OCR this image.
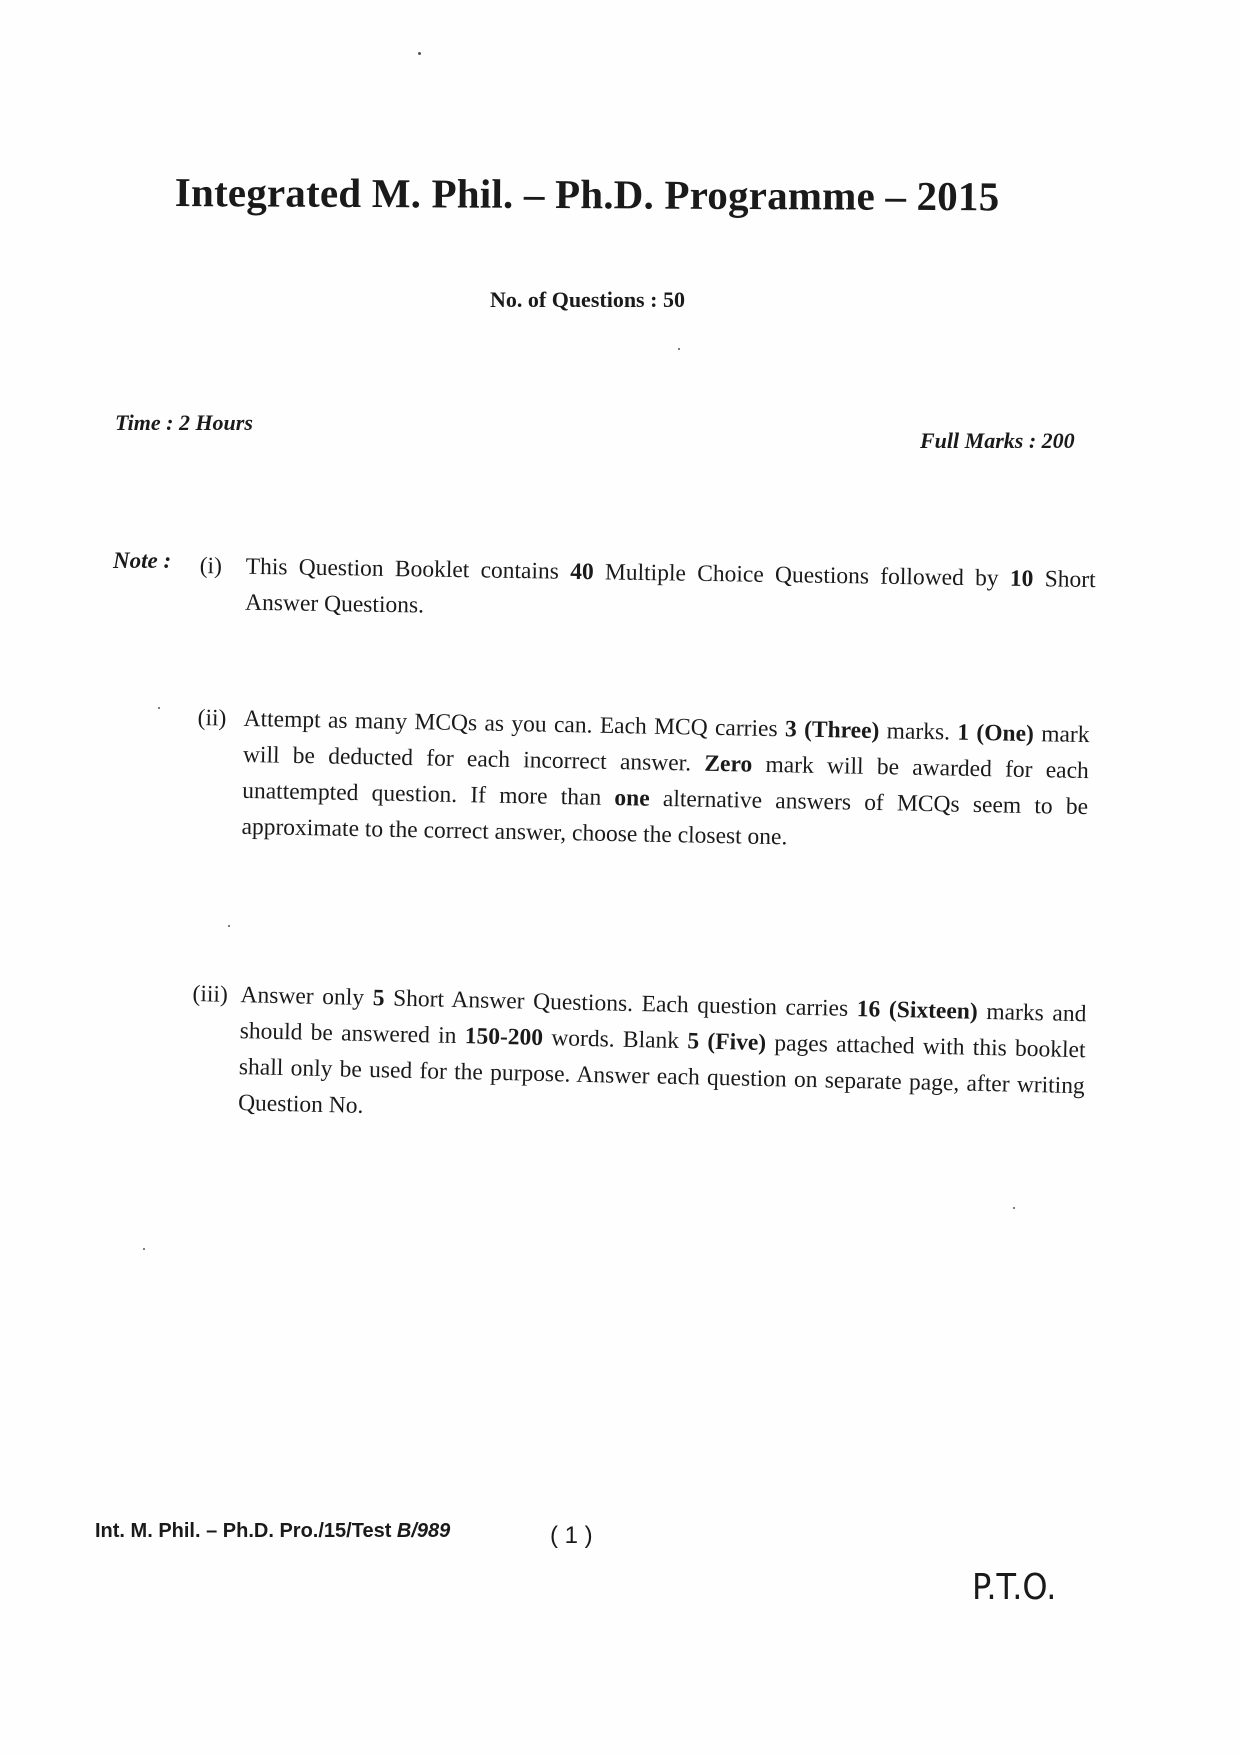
Integrated M. Phil. – Ph.D. Programme – 2015
No. of Questions : 50
Time : 2 Hours
Full Marks : 200
Note : (i) This Question Booklet contains 40 Multiple Choice Questions followed by 10 Short Answer Questions.
(ii) Attempt as many MCQs as you can. Each MCQ carries 3 (Three) marks. 1 (One) mark will be deducted for each incorrect answer. Zero mark will be awarded for each unattempted question. If more than one alternative answers of MCQs seem to be approximate to the correct answer, choose the closest one.
(iii) Answer only 5 Short Answer Questions. Each question carries 16 (Sixteen) marks and should be answered in 150-200 words. Blank 5 (Five) pages attached with this booklet shall only be used for the purpose. Answer each question on separate page, after writing Question No.
Int. M. Phil. – Ph.D. Pro./15/Test B/989	( 1 )
P.T.O.
